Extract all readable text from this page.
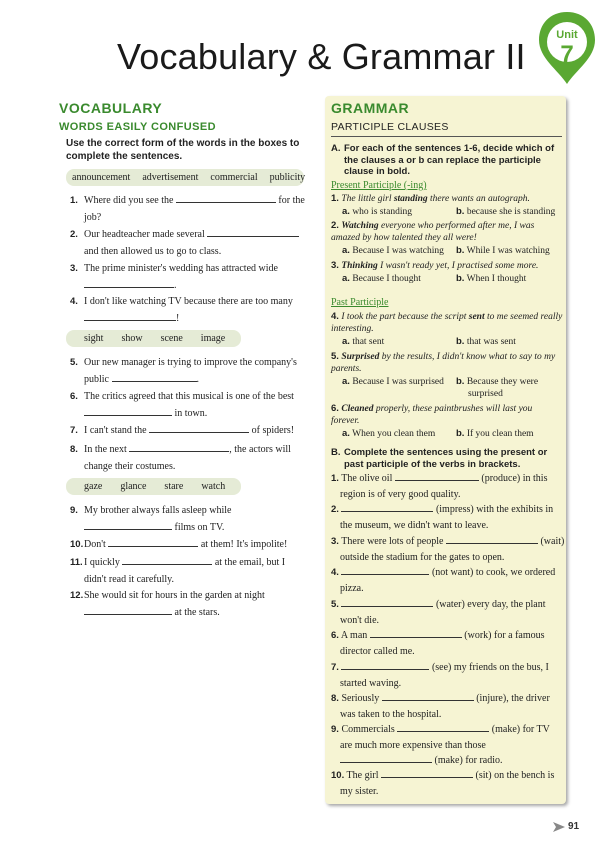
Vocabulary & Grammar II
Unit
7
VOCABULARY
WORDS EASILY CONFUSED
Use the correct form of the words in the boxes to complete the sentences.
announcement advertisement commercial publicity
1. Where did you see the	for the
job?
2. Our headteacher made several
and then allowed us to go to class.
3. The prime minister's wedding has attracted wide
.
4. I don't like watching TV because there are too many
!
5. Our new manager is trying to improve the company's
public	.
6. The critics agreed that this musical is one of the best
in town.
7. I can't stand the	of spiders!

8. In the next	, the actors will
change their costumes.
9. My brother always falls asleep while
films on TV.
10. Don't	at them! It's impolite!

11. I quickly	at the email, but I
didn't read it carefully.
12. She would sit for hours in the garden at night
at the stars.
sight show scene image
gaze glance stare watch
GRAMMAR
PARTICIPLE CLAUSES
A. For each of the sentences 1-6, decide which of the clauses a or b can replace the participle clause in bold.
Present Participle (-ing)
Past Participle
1. The little girl standing there wants an autograph.
a. who is standing	b. because she is standing
2. Watching everyone who performed after me, I was amazed by how talented they all were!
a. Because I was watching	b. While I was watching
3. Thinking I wasn't ready yet, I practised some more.
a. Because I thought	b. When I thought
4. I took the part because the script sent to me seemed really interesting.
a. that sent	b. that was sent
5. Surprised by the results, I didn't know what to say to my parents.
a. Because I was surprised	b. Because they were surprised
6. Cleaned properly, these paintbrushes will last you forever.
a. When you clean them	b. If you clean them
B. Complete the sentences using the present or past participle of the verbs in brackets.
1. The olive oil	(produce) in this
region is of very good quality.
2.	(impress) with the exhibits in
the museum, we didn't want to leave.
3. There were lots of people	(wait)
outside the stadium for the gates to open.
4.	(not want) to cook, we ordered
pizza.
5.	(water) every day, the plant
won't die.
6. A man	(work) for a famous
director called me.
7.	(see) my friends on the bus, I
started waving.
8. Seriously	(injure), the driver
was taken to the hospital.
9. Commercials	(make) for TV
are much more expensive than those
(make) for radio.
10. The girl	(sit) on the bench is
my sister.
91
